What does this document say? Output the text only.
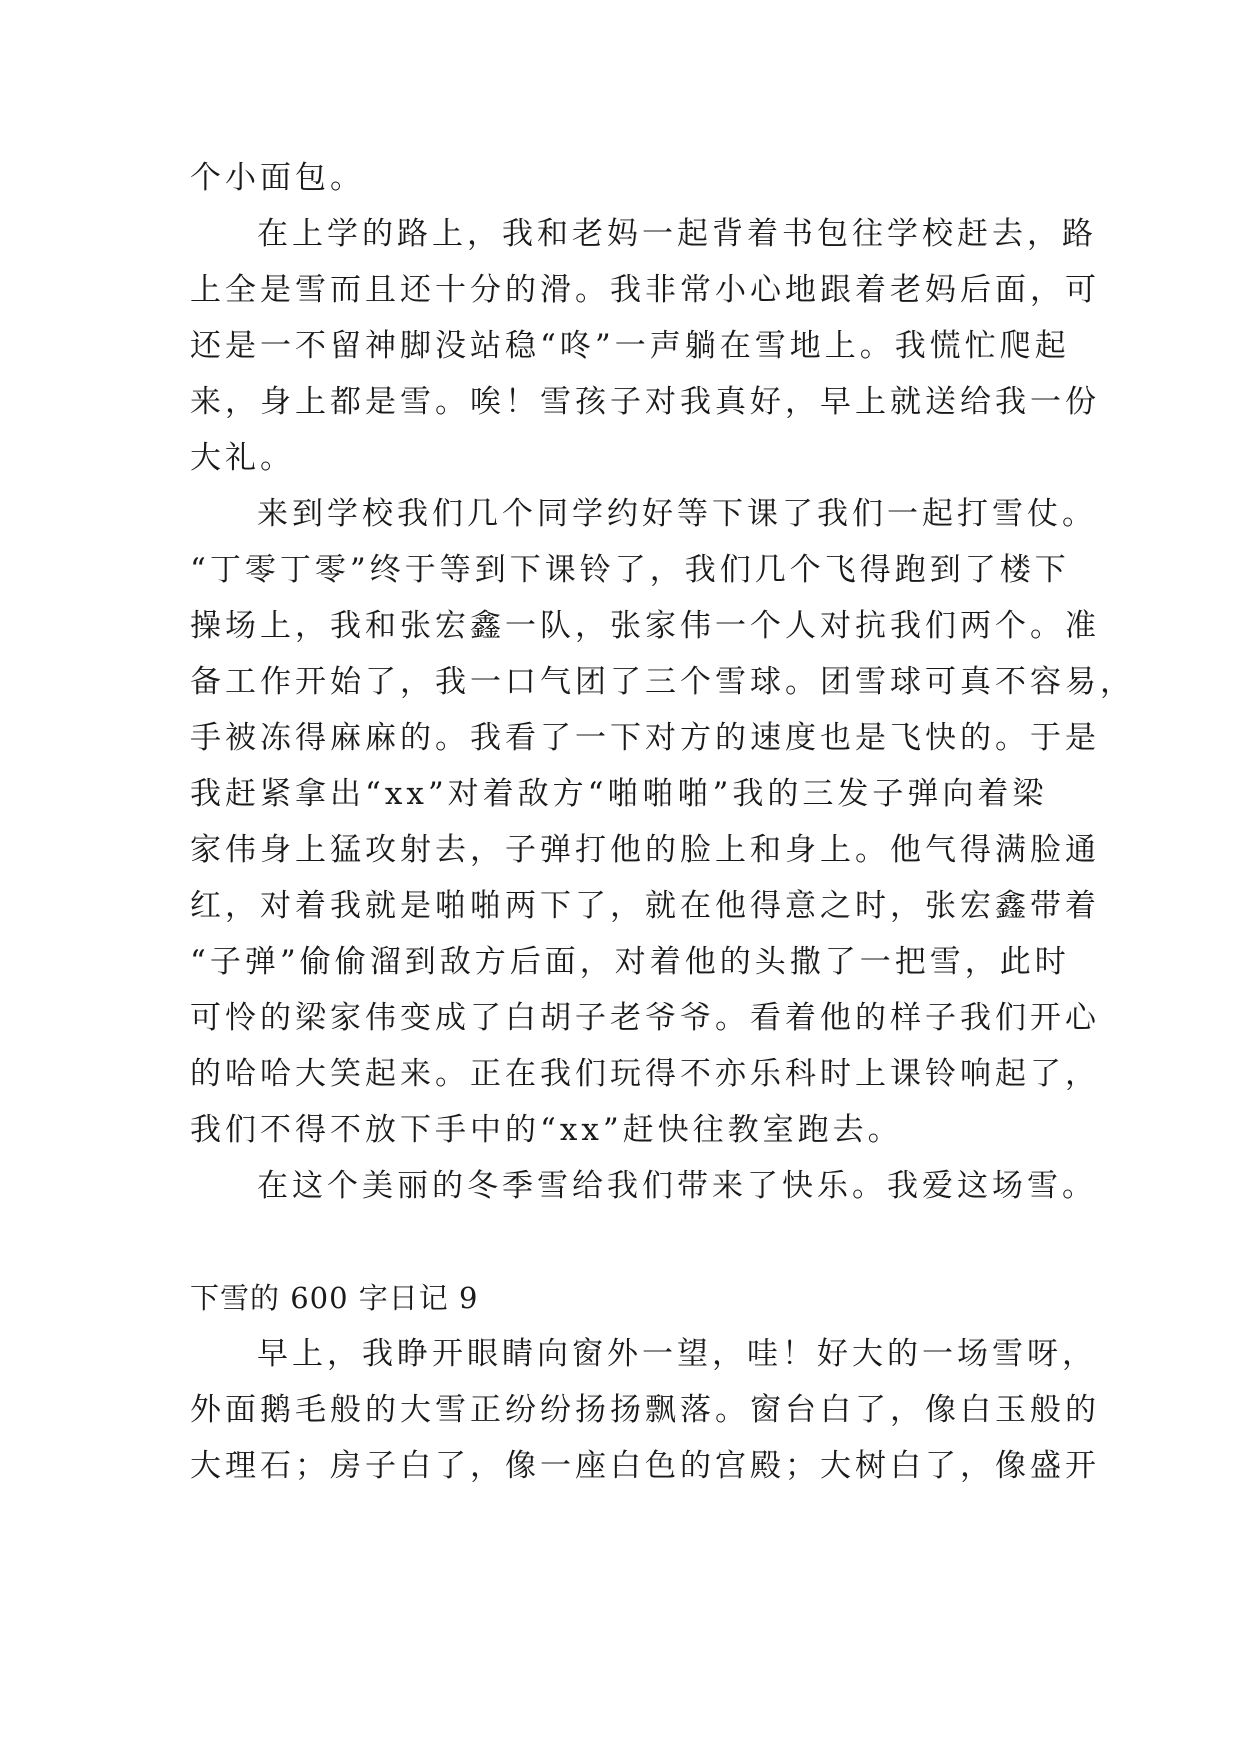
个小面包。
在上学的路上，我和老妈一起背着书包往学校赶去，路
上全是雪而且还十分的滑。我非常小心地跟着老妈后面，可
还是一不留神脚没站稳“咚”一声躺在雪地上。我慌忙爬起
来，身上都是雪。唉！雪孩子对我真好，早上就送给我一份
大礼。
来到学校我们几个同学约好等下课了我们一起打雪仗。
“丁零丁零”终于等到下课铃了，我们几个飞得跑到了楼下
操场上，我和张宏鑫一队，张家伟一个人对抗我们两个。准
备工作开始了，我一口气团了三个雪球。团雪球可真不容易，
手被冻得麻麻的。我看了一下对方的速度也是飞快的。于是
我赶紧拿出“xx”对着敌方“啪啪啪”我的三发子弹向着梁
家伟身上猛攻射去，子弹打他的脸上和身上。他气得满脸通
红，对着我就是啪啪两下了，就在他得意之时，张宏鑫带着
“子弹”偷偷溜到敌方后面，对着他的头撒了一把雪，此时
可怜的梁家伟变成了白胡子老爷爷。看着他的样子我们开心
的哈哈大笑起来。正在我们玩得不亦乐科时上课铃响起了，
我们不得不放下手中的“xx”赶快往教室跑去。
在这个美丽的冬季雪给我们带来了快乐。我爱这场雪。
下雪的 600 字日记 9
早上，我睁开眼睛向窗外一望，哇！好大的一场雪呀，
外面鹅毛般的大雪正纷纷扬扬飘落。窗台白了，像白玉般的
大理石；房子白了，像一座白色的宫殿；大树白了，像盛开
